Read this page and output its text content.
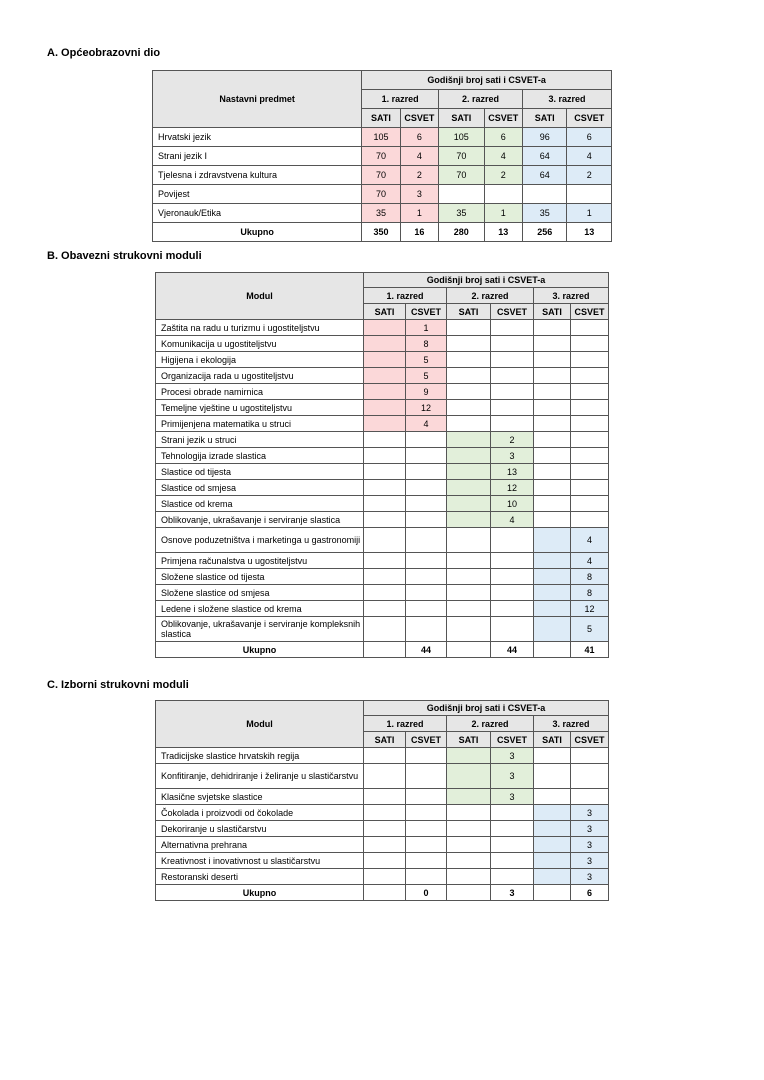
A. Općeobrazovni dio
Nastavni predmet	Godišnji broj sati i CSVET-a					
	1. razred		2. razred		3. razred	
	SATI	CSVET	SATI	CSVET	SATI	CSVET
Hrvatski jezik	105	6	105	6	96	6
Strani jezik I	70	4	70	4	64	4
Tjelesna i zdravstvena kultura	70	2	70	2	64	2
Povijest	70	3				
Vjeronauk/Etika	35	1	35	1	35	1
Ukupno	350	16	280	13	256	13
B. Obavezni strukovni moduli
Modul	Godišnji broj sati i CSVET-a					
	1. razred		2. razred		3. razred	
	SATI	CSVET	SATI	CSVET	SATI	CSVET
Zaštita na radu u turizmu i ugostiteljstvu		1				
Komunikacija u ugostiteljstvu		8				
Higijena i ekologija		5				
Organizacija rada u ugostiteljstvu		5				
Procesi obrade namirnica		9				
Temeljne vještine u ugostiteljstvu		12				
Primijenjena matematika u struci		4				
Strani jezik u struci				2		
Tehnologija izrade slastica				3		
Slastice od tijesta				13		
Slastice od smjesa				12		
Slastice od krema				10		
Oblikovanje, ukrašavanje i serviranje slastica				4		
Osnove poduzetništva i marketinga u gastronomiji						4
Primjena računalstva u ugostiteljstvu						4
Složene slastice od tijesta						8
Složene slastice od smjesa						8
Ledene i složene slastice od krema						12
Oblikovanje, ukrašavanje i serviranje kompleksnih slastica						5
Ukupno		44		44		41
C. Izborni strukovni moduli
Modul	Godišnji broj sati i CSVET-a					
	1. razred		2. razred		3. razred	
	SATI	CSVET	SATI	CSVET	SATI	CSVET
Tradicijske slastice hrvatskih regija				3		
Konfitiranje, dehidriranje i želiranje u slastičarstvu				3		
Klasične svjetske slastice				3		
Čokolada i proizvodi od čokolade						3
Dekoriranje u slastičarstvu						3
Alternativna prehrana						3
Kreativnost i inovativnost u slastičarstvu						3
Restoranski deserti						3
Ukupno		0		3		6
